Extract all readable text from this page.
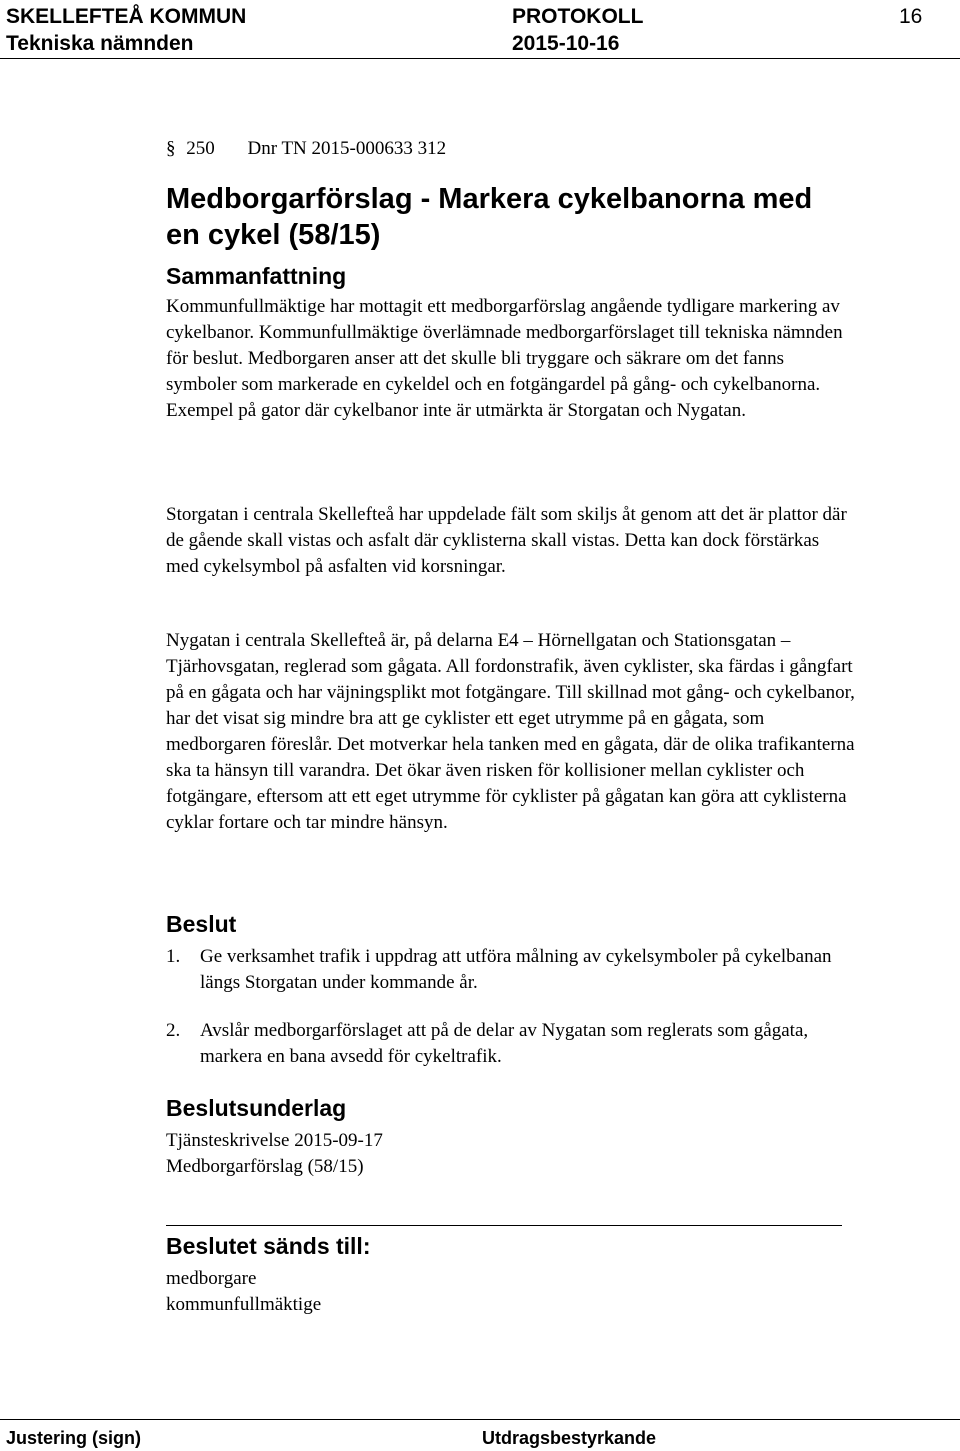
SKELLEFTEÅ KOMMUN
Tekniska nämnden
PROTOKOLL
2015-10-16
16
§ 250 Dnr TN 2015-000633 312

Medborgarförslag - Markera cykelbanorna med

en cykel (58/15)

Sammanfattning

Kommunfullmäktige har mottagit ett medborgarförslag angående tydligare markering av cykelbanor. Kommunfullmäktige överlämnade medborgarförslaget till tekniska nämnden för beslut. Medborgaren anser att det skulle bli tryggare och säkrare om det fanns symboler som markerade en cykeldel och en fotgängardel på gång- och cykelbanorna. Exempel på gator där cykelbanor inte är utmärkta är Storgatan och Nygatan.

Storgatan i centrala Skellefteå har uppdelade fält som skiljs åt genom att det är plattor där de gående skall vistas och asfalt där cyklisterna skall vistas. Detta kan dock förstärkas med cykelsymbol på asfalten vid korsningar.

Nygatan i centrala Skellefteå är, på delarna E4 – Hörnellgatan och Stationsgatan – Tjärhovsgatan, reglerad som gågata. All fordonstrafik, även cyklister, ska färdas i gångfart på en gågata och har väjningsplikt mot fotgängare. Till skillnad mot gång- och cykelbanor, har det visat sig mindre bra att ge cyklister ett eget utrymme på en gågata, som medborgaren föreslår. Det motverkar hela tanken med en gågata, där de olika trafikanterna ska ta hänsyn till varandra. Det ökar även risken för kollisioner mellan cyklister och fotgängare, eftersom att ett eget utrymme för cyklister på gågatan kan göra att cyklisterna cyklar fortare och tar mindre hänsyn.

Beslut

1. Ge verksamhet trafik i uppdrag att utföra målning av cykelsymboler på cykelbanan längs Storgatan under kommande år.
2. Avslår medborgarförslaget att på de delar av Nygatan som reglerats som gågata, markera en bana avsedd för cykeltrafik.

Beslutsunderlag

Tjänsteskrivelse 2015-09-17

Medborgarförslag (58/15)

Beslutet sänds till:

medborgare

kommunfullmäktige

Justering (sign)	Utdragsbestyrkande
